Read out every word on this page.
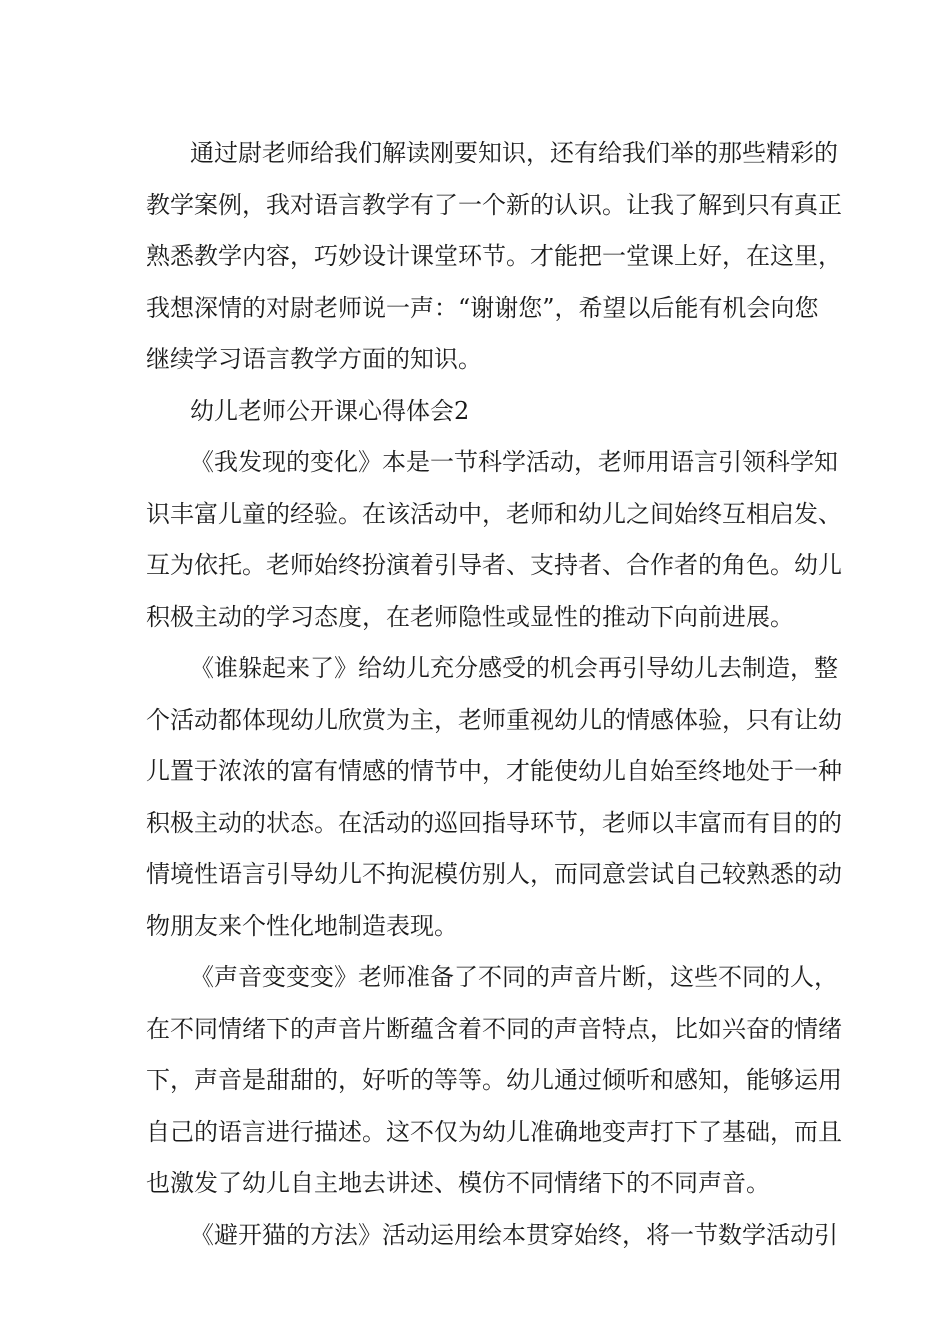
通过尉老师给我们解读刚要知识，还有给我们举的那些精彩的
教学案例，我对语言教学有了一个新的认识。让我了解到只有真正
熟悉教学内容，巧妙设计课堂环节。才能把一堂课上好，在这里，
我想深情的对尉老师说一声：“谢谢您”，希望以后能有机会向您
继续学习语言教学方面的知识。
幼儿老师公开课心得体会2
《我发现的变化》本是一节科学活动，老师用语言引领科学知
识丰富儿童的经验。在该活动中，老师和幼儿之间始终互相启发、
互为依托。老师始终扮演着引导者、支持者、合作者的角色。幼儿
积极主动的学习态度，在老师隐性或显性的推动下向前进展。
《谁躲起来了》给幼儿充分感受的机会再引导幼儿去制造，整
个活动都体现幼儿欣赏为主，老师重视幼儿的情感体验，只有让幼
儿置于浓浓的富有情感的情节中，才能使幼儿自始至终地处于一种
积极主动的状态。在活动的巡回指导环节，老师以丰富而有目的的
情境性语言引导幼儿不拘泥模仿别人，而同意尝试自己较熟悉的动
物朋友来个性化地制造表现。
《声音变变变》老师准备了不同的声音片断，这些不同的人，
在不同情绪下的声音片断蕴含着不同的声音特点，比如兴奋的情绪
下，声音是甜甜的，好听的等等。幼儿通过倾听和感知，能够运用
自己的语言进行描述。这不仅为幼儿准确地变声打下了基础，而且
也激发了幼儿自主地去讲述、模仿不同情绪下的不同声音。
《避开猫的方法》活动运用绘本贯穿始终，将一节数学活动引
